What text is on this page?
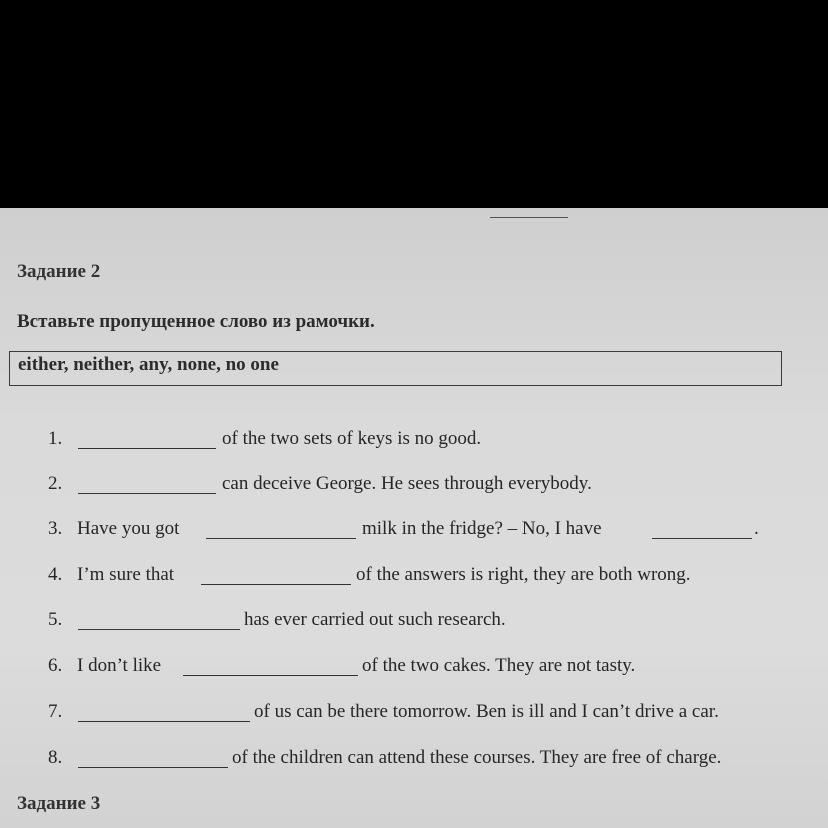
Задание 2
Вставьте пропущенное слово из рамочки.
either, neither, any, none, no one
1.	of the two sets of keys is no good.
2.	can deceive George. He sees through everybody.
3. Have you got	milk in the fridge? – No, I have	.
4. I’m sure that	of the answers is right, they are both wrong.
5.	has ever carried out such research.
6. I don’t like	of the two cakes. They are not tasty.
7.	of us can be there tomorrow. Ben is ill and I can’t drive a car.
8.	of the children can attend these courses. They are free of charge.
Задание 3
